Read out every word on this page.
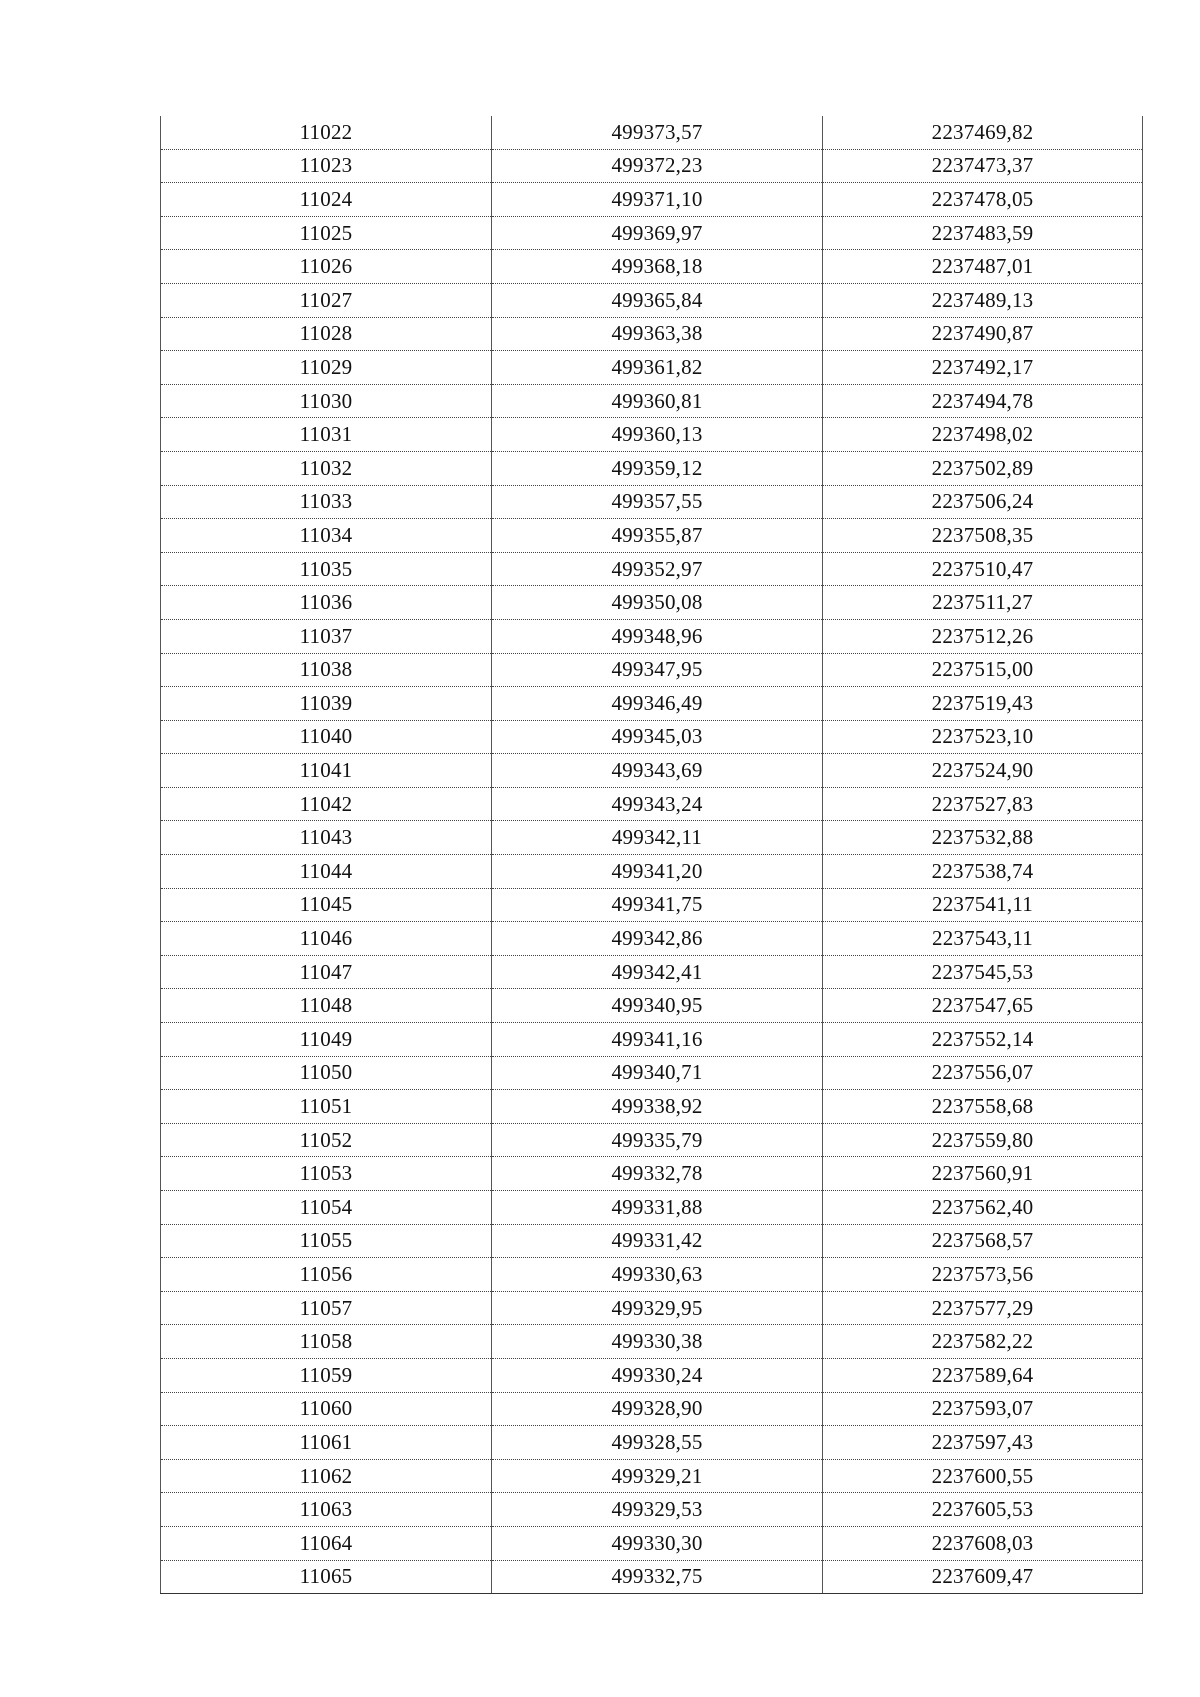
11022	499373,57	2237469,82
11023	499372,23	2237473,37
11024	499371,10	2237478,05
11025	499369,97	2237483,59
11026	499368,18	2237487,01
11027	499365,84	2237489,13
11028	499363,38	2237490,87
11029	499361,82	2237492,17
11030	499360,81	2237494,78
11031	499360,13	2237498,02
11032	499359,12	2237502,89
11033	499357,55	2237506,24
11034	499355,87	2237508,35
11035	499352,97	2237510,47
11036	499350,08	2237511,27
11037	499348,96	2237512,26
11038	499347,95	2237515,00
11039	499346,49	2237519,43
11040	499345,03	2237523,10
11041	499343,69	2237524,90
11042	499343,24	2237527,83
11043	499342,11	2237532,88
11044	499341,20	2237538,74
11045	499341,75	2237541,11
11046	499342,86	2237543,11
11047	499342,41	2237545,53
11048	499340,95	2237547,65
11049	499341,16	2237552,14
11050	499340,71	2237556,07
11051	499338,92	2237558,68
11052	499335,79	2237559,80
11053	499332,78	2237560,91
11054	499331,88	2237562,40
11055	499331,42	2237568,57
11056	499330,63	2237573,56
11057	499329,95	2237577,29
11058	499330,38	2237582,22
11059	499330,24	2237589,64
11060	499328,90	2237593,07
11061	499328,55	2237597,43
11062	499329,21	2237600,55
11063	499329,53	2237605,53
11064	499330,30	2237608,03
11065	499332,75	2237609,47
